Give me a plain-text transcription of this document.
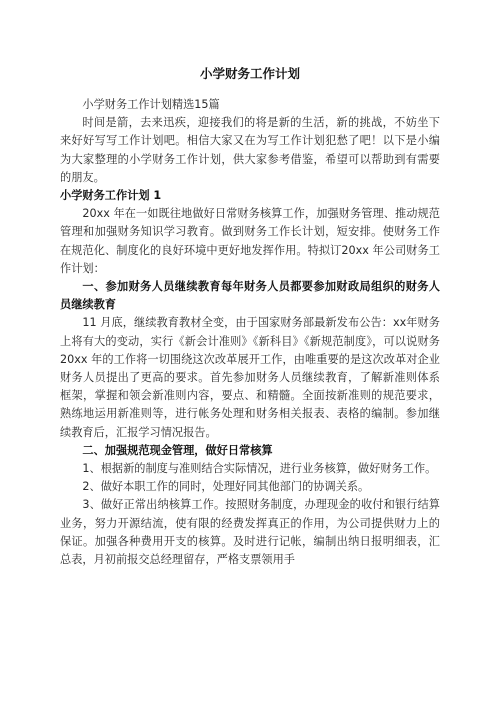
小学财务工作计划

小学财务工作计划精选15篇

时间是箭，去来迅疾，迎接我们的将是新的生活，新的挑战，不妨坐下来好好写写工作计划吧。相信大家又在为写工作计划犯愁了吧！以下是小编为大家整理的小学财务工作计划，供大家参考借鉴，希望可以帮助到有需要的朋友。

小学财务工作计划 1

20xx 年在一如既往地做好日常财务核算工作，加强财务管理、推动规范管理和加强财务知识学习教育。做到财务工作长计划，短安排。使财务工作在规范化、制度化的良好环境中更好地发挥作用。特拟订20xx 年公司财务工作计划：

一、参加财务人员继续教育每年财务人员都要参加财政局组织的财务人员继续教育

11 月底，继续教育教材全变，由于国家财务部最新发布公告：xx年财务上将有大的变动，实行《新会计准则》《新科目》《新规范制度》，可以说财务 20xx 年的工作将一切围绕这次改革展开工作，由唯重要的是这次改革对企业财务人员提出了更高的要求。首先参加财务人员继续教育，了解新准则体系框架，掌握和领会新准则内容，要点、和精髓。全面按新准则的规范要求，熟练地运用新准则等，进行帐务处理和财务相关报表、表格的编制。参加继续教育后，汇报学习情况报告。

二、加强规范现金管理，做好日常核算

1、根据新的制度与准则结合实际情况，进行业务核算，做好财务工作。

2、做好本职工作的同时，处理好同其他部门的协调关系。

3、做好正常出纳核算工作。按照财务制度，办理现金的收付和银行结算业务，努力开源结流，使有限的经费发挥真正的作用，为公司提供财力上的保证。加强各种费用开支的核算。及时进行记帐，编制出纳日报明细表，汇总表，月初前报交总经理留存，严格支票领用手
